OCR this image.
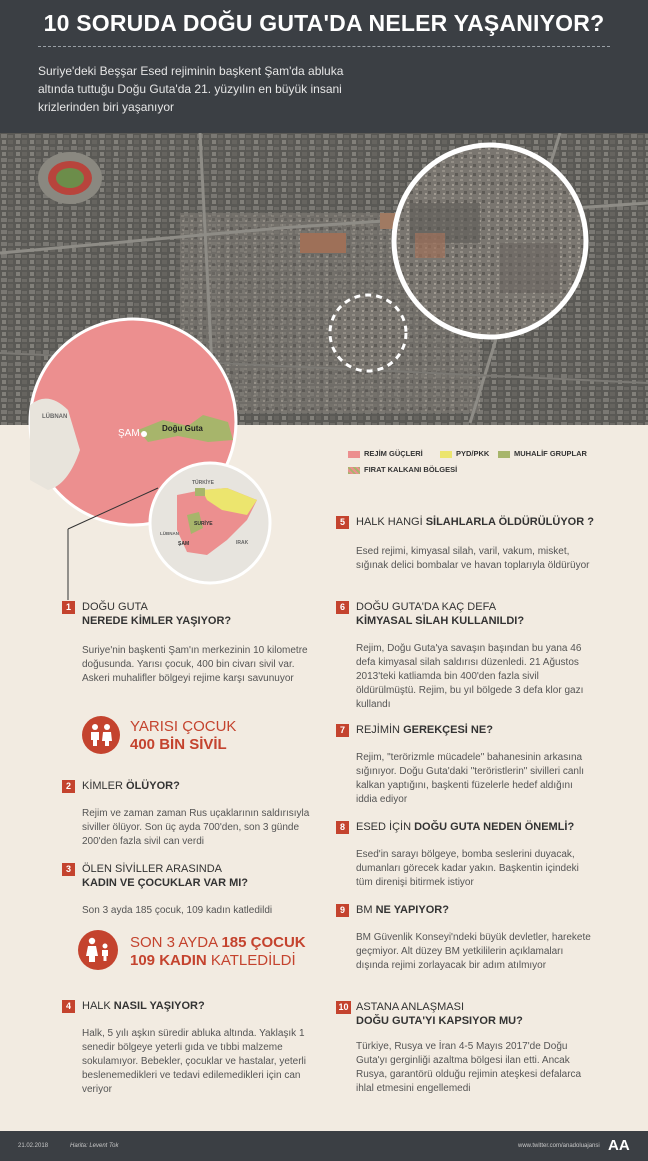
10 SORUDA DOĞU GUTA'DA NELER YAŞANIYOR?
Suriye'deki Beşşar Esed rejiminin başkent Şam'da abluka altında tuttuğu Doğu Guta'da 21. yüzyılın en büyük insani krizlerinden biri yaşanıyor
LÜBNAN
ŞAM	Doğu Guta
TÜRKİYE
SURİYE
LÜBNAN
IRAK
ŞAM
REJİM GÜÇLERİ	PYD/PKK	MUHALİF GRUPLAR
FIRAT KALKANI BÖLGESİ
1	DOĞU GUTA
NEREDE KİMLER YAŞIYOR?
Suriye'nin başkenti Şam'ın merkezinin 10 kilometre doğusunda. Yarısı çocuk, 400 bin civarı sivil var. Askeri muhalifler bölgeyi rejime karşı savunuyor
YARISI ÇOCUK
400 BİN SİVİL
2	KİMLER ÖLÜYOR?
Rejim ve zaman zaman Rus uçaklarının saldırısıyla siviller ölüyor. Son üç ayda 700'den, son 3 günde 200'den fazla sivil can verdi
3	ÖLEN SİVİLLER ARASINDA
KADIN VE ÇOCUKLAR VAR MI?
Son 3 ayda 185 çocuk, 109 kadın katledildi
SON 3 AYDA 185 ÇOCUK
109 KADIN KATLEDİLDİ
4	HALK NASIL YAŞIYOR?
Halk, 5 yılı aşkın süredir abluka altında. Yaklaşık 1 senedir bölgeye yeterli gıda ve tıbbi malzeme sokulamıyor. Bebekler, çocuklar ve hastalar, yeterli beslenemedikleri ve tedavi edilemedikleri için can veriyor
5	HALK HANGİ SİLAHLARLA ÖLDÜRÜLÜYOR ?
Esed rejimi, kimyasal silah, varil, vakum, misket, sığınak delici bombalar ve havan toplarıyla öldürüyor
6	DOĞU GUTA'DA KAÇ DEFA
KİMYASAL SİLAH KULLANILDI?
Rejim, Doğu Guta'ya savaşın başından bu yana 46 defa kimyasal silah saldırısı düzenledi. 21 Ağustos 2013'teki katliamda bin 400'den fazla sivil öldürülmüştü. Rejim, bu yıl bölgede 3 defa klor gazı kullandı
7	REJİMİN GEREKÇESİ NE?
Rejim, "terörizmle mücadele" bahanesinin arkasına sığınıyor. Doğu Guta'daki "teröristlerin" sivilleri canlı kalkan yaptığını, başkenti füzelerle hedef aldığını iddia ediyor
8	ESED İÇİN DOĞU GUTA NEDEN ÖNEMLİ?
Esed'in sarayı bölgeye, bomba seslerini duyacak, dumanları görecek kadar yakın. Başkentin içindeki tüm direnişi bitirmek istiyor
9	BM NE YAPIYOR?
BM Güvenlik Konseyi'ndeki büyük devletler, harekete geçmiyor. Alt düzey BM yetkililerin açıklamaları dışında rejimi zorlayacak bir adım atılmıyor
10 ASTANA ANLAŞMASI
DOĞU GUTA'YI KAPSIYOR MU?
Türkiye, Rusya ve İran 4-5 Mayıs 2017'de Doğu Guta'yı gerginliği azaltma bölgesi ilan etti. Ancak Rusya, garantörü olduğu rejimin ateşkesi defalarca ihlal etmesini engellemedi
21.02.2018	Harita: Levent Tok	www.twitter.com/anadoluajansi AA
